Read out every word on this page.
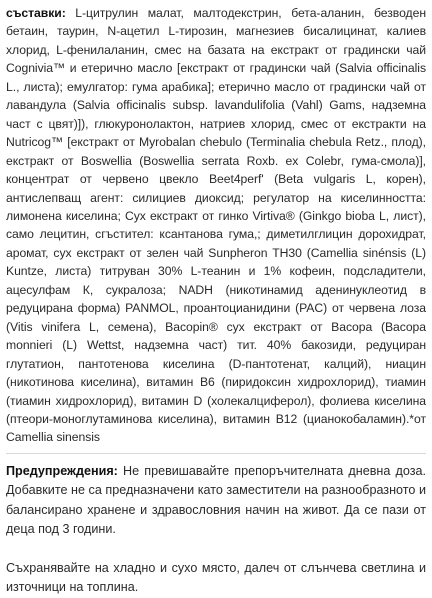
съставки: L-цитрулин малат, малтодекстрин, бета-аланин, безводен бетаин, таурин, N-ацетил L-тирозин, магнезиев бисалицинат, калиев хлорид, L-фенилаланин, смес на базата на екстракт от градински чай Cognivia™ и етерично масло [екстракт от градински чай (Salvia officinalis L., листа); емулгатор: гума арабика]; етерично масло от градински чай от лавандула (Salvia officinalis subsp. lavandulifolia (Vahl) Gams, надземна част с цвят)]), глюкуронолактон, натриев хлорид, смес от екстракти на Nutricog™ [екстракт от Myrobalan chebulo (Terminalia chebula Retz., плод), екстракт от Boswellia (Boswellia serrata Roxb. ex Colebr, гума-смола)], концентрат от червено цвекло Beet4perf' (Beta vulgaris L, корен), антислепващ агент: силициев диоксид; регулатор на киселинността: лимонена киселина; Сух екстракт от гинко Virtiva® (Ginkgo bioba L, лист), само лецитин, сгъстител: ксантанова гума,; диметилглицин дорохидрат, аромат, сух екстракт от зелен чай Sunpheron TH30 (Camellia sinénsis (L) Kuntze, листа) титруван 30% L-теанин и 1% кофеин, подсладители, ацесулфам К, сукралоза; NADH (никотинамид аденинуклеотид в редуцирана форма) PANMOL, проантоцианидини (PAC) от червена лоза (Vitis vinifera L, семена), Bacopin® сух екстракт от Bacopa (Bacopa monnieri (L) Wettst, надземна част) тит. 40% бакозиди, редуциран глутатион, пантотенова киселина (D-пантотенат, калций), ниацин (никотинова киселина), витамин B6 (пиридоксин хидрохлорид), тиамин (тиамин хидрохлорид), витамин D (холекалциферол), фолиева киселина (птеори-моноглутаминова киселина), витамин B12 (цианокобаламин).*от Camellia sinensis

Предупреждения: Не превишавайте препоръчителната дневна доза. Добавките не са предназначени като заместители на разнообразното и балансирано хранене и здравословния начин на живот. Да се пази от деца под 3 години.

Съхранявайте на хладно и сухо място, далеч от слънчева светлина и източници на топлина.
